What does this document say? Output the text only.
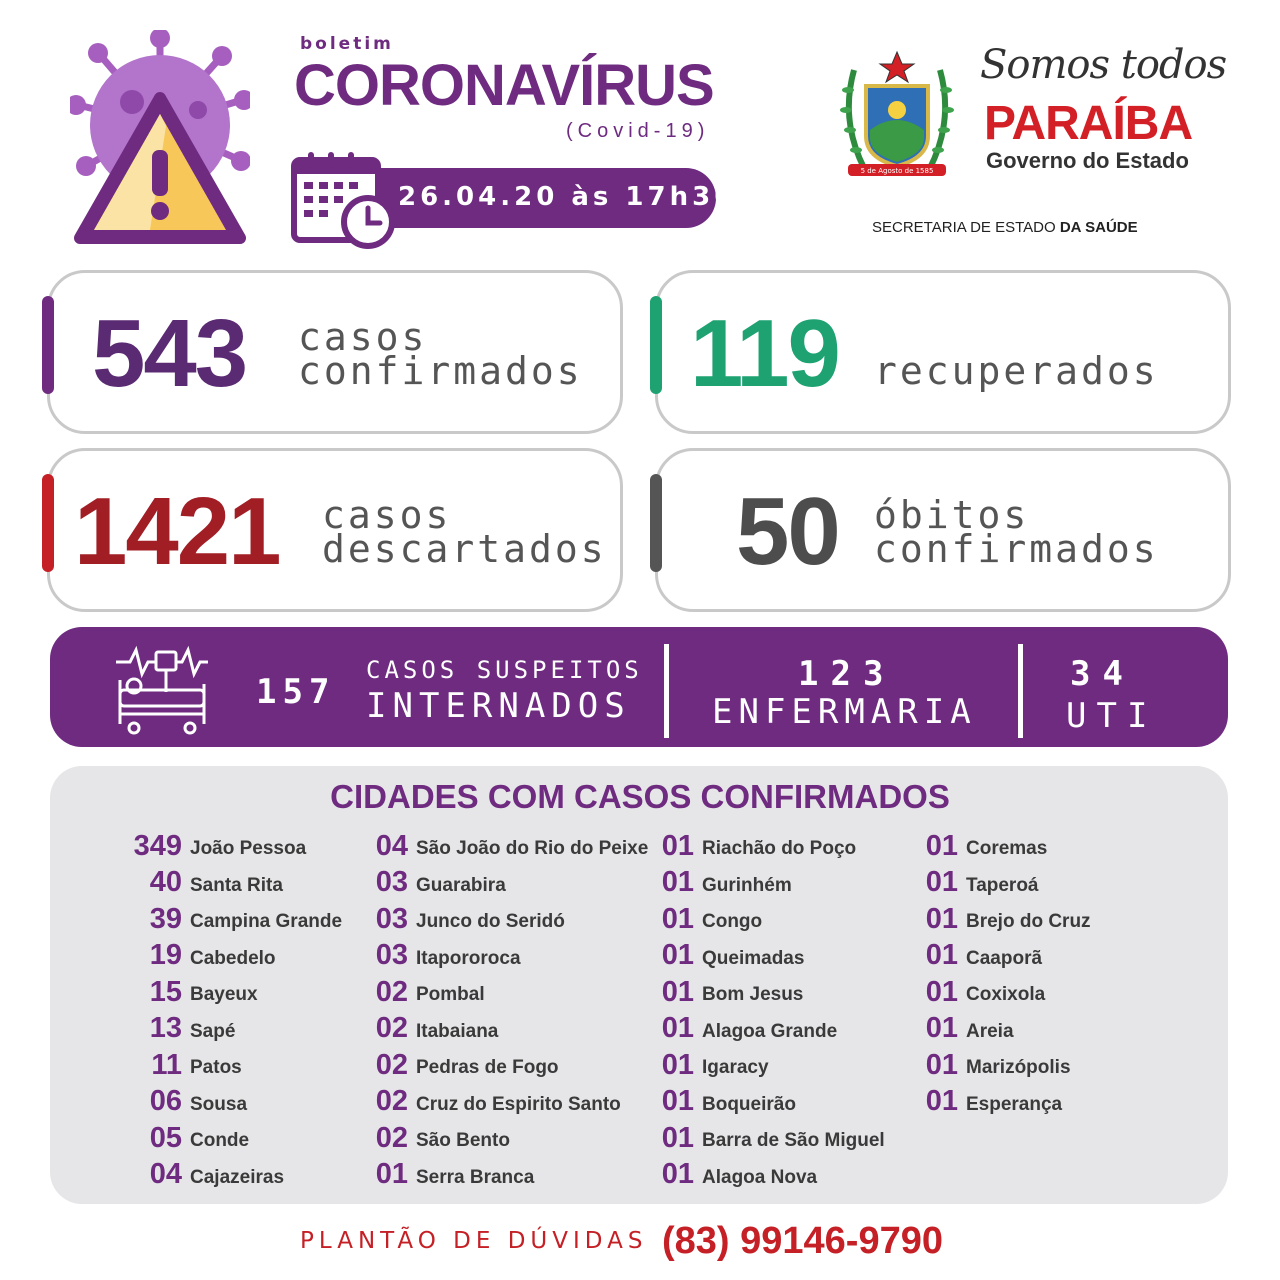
boletim
CORONAVÍRUS
(Covid-19)
26.04.20 às 17h30
5 de Agosto de 1585
Somos todos
PARAÍBA
Governo do Estado
SECRETARIA DE ESTADO DA SAÚDE
543 casos
confirmados 119 recuperados
1421 casos
descartados 50 óbitos
confirmados
157
CASOS SUSPEITOS
INTERNADOS
123
ENFERMARIA
34
UTI
CIDADES COM CASOS CONFIRMADOS
349 João Pessoa
40 Santa Rita
39 Campina Grande
19 Cabedelo
15 Bayeux
13 Sapé
11 Patos
06 Sousa
05 Conde
04 Cajazeiras
04 São João do Rio do Peixe
03 Guarabira
03 Junco do Seridó
03 Itapororoca
02 Pombal
02 Itabaiana
02 Pedras de Fogo
02 Cruz do Espirito Santo
02 São Bento
01 Serra Branca
01 Riachão do Poço
01 Gurinhém
01 Congo
01 Queimadas
01 Bom Jesus
01 Alagoa Grande
01 Igaracy
01 Boqueirão
01 Barra de São Miguel
01 Alagoa Nova
01 Coremas
01 Taperoá
01 Brejo do Cruz
01 Caaporã
01 Coxixola
01 Areia
01 Marizópolis
01 Esperança
PLANTÃO DE DÚVIDAS (83) 99146-9790
